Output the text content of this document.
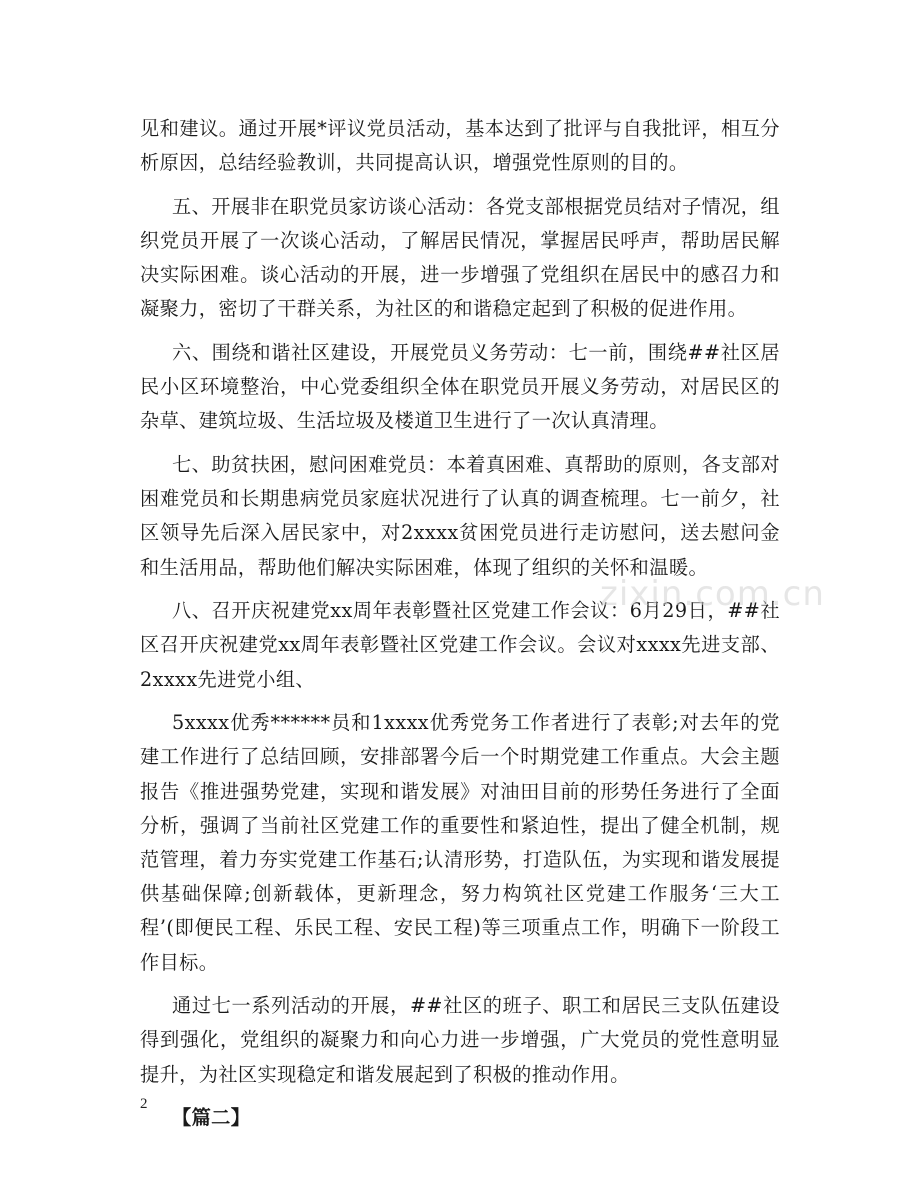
见和建议。通过开展*评议党员活动，基本达到了批评与自我批评，相互分析原因，总结经验教训，共同提高认识，增强党性原则的目的。

五、开展非在职党员家访谈心活动：各党支部根据党员结对子情况，组织党员开展了一次谈心活动，了解居民情况，掌握居民呼声，帮助居民解决实际困难。谈心活动的开展，进一步增强了党组织在居民中的感召力和凝聚力，密切了干群关系，为社区的和谐稳定起到了积极的促进作用。

六、围绕和谐社区建设，开展党员义务劳动：七一前，围绕##社区居民小区环境整治，中心党委组织全体在职党员开展义务劳动，对居民区的杂草、建筑垃圾、生活垃圾及楼道卫生进行了一次认真清理。

七、助贫扶困，慰问困难党员：本着真困难、真帮助的原则，各支部对困难党员和长期患病党员家庭状况进行了认真的调查梳理。七一前夕，社区领导先后深入居民家中，对2xxxx贫困党员进行走访慰问，送去慰问金和生活用品，帮助他们解决实际困难，体现了组织的关怀和温暖。

八、召开庆祝建党xx周年表彰暨社区党建工作会议：6月29日，##社区召开庆祝建党xx周年表彰暨社区党建工作会议。会议对xxxx先进支部、2xxxx先进党小组、

5xxxx优秀******员和1xxxx优秀党务工作者进行了表彰;对去年的党建工作进行了总结回顾，安排部署今后一个时期党建工作重点。大会主题报告《推进强势党建，实现和谐发展》对油田目前的形势任务进行了全面分析，强调了当前社区党建工作的重要性和紧迫性，提出了健全机制，规范管理，着力夯实党建工作基石;认清形势，打造队伍，为实现和谐发展提供基础保障;创新载体，更新理念，努力构筑社区党建工作服务‘三大工程’(即便民工程、乐民工程、安民工程)等三项重点工作，明确下一阶段工作目标。

通过七一系列活动的开展，##社区的班子、职工和居民三支队伍建设得到强化，党组织的凝聚力和向心力进一步增强，广大党员的党性意明显提升，为社区实现稳定和谐发展起到了积极的推动作用。

【篇二】

zixin.com.cn
2
